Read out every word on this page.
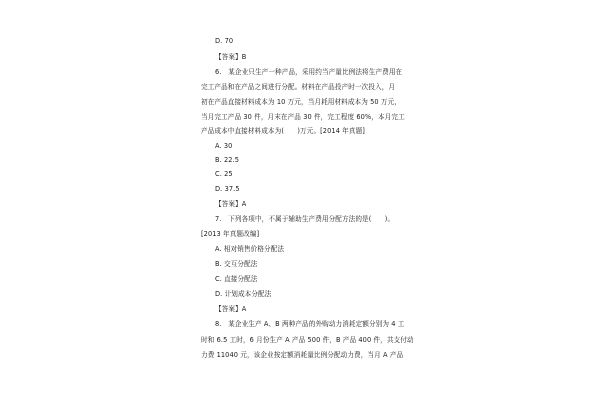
D. 70
【答案】B
6.　某企业只生产一种产品，采用约当产量比例法将生产费用在
完工产品和在产品之间进行分配。材料在产品投产时一次投入，月
初在产品直接材料成本为 10 万元，当月耗用材料成本为 50 万元，
当月完工产品 30 件，月末在产品 30 件，完工程度 60%，本月完工
产品成本中直接材料成本为(　　)万元。[2014 年真题]
A. 30
B. 22.5
C. 25
D. 37.5
【答案】A
7.　下列各项中，不属于辅助生产费用分配方法的是(　　)。
[2013 年真题改编]
A. 相对销售价格分配法
B. 交互分配法
C. 直接分配法
D. 计划成本分配法
【答案】A
8.　某企业生产 A、B 两种产品的外购动力消耗定额分别为 4 工
时和 6.5 工时，6 月份生产 A 产品 500 件，B 产品 400 件，共支付动
力费 11040 元，该企业按定额消耗量比例分配动力费，当月 A 产品
